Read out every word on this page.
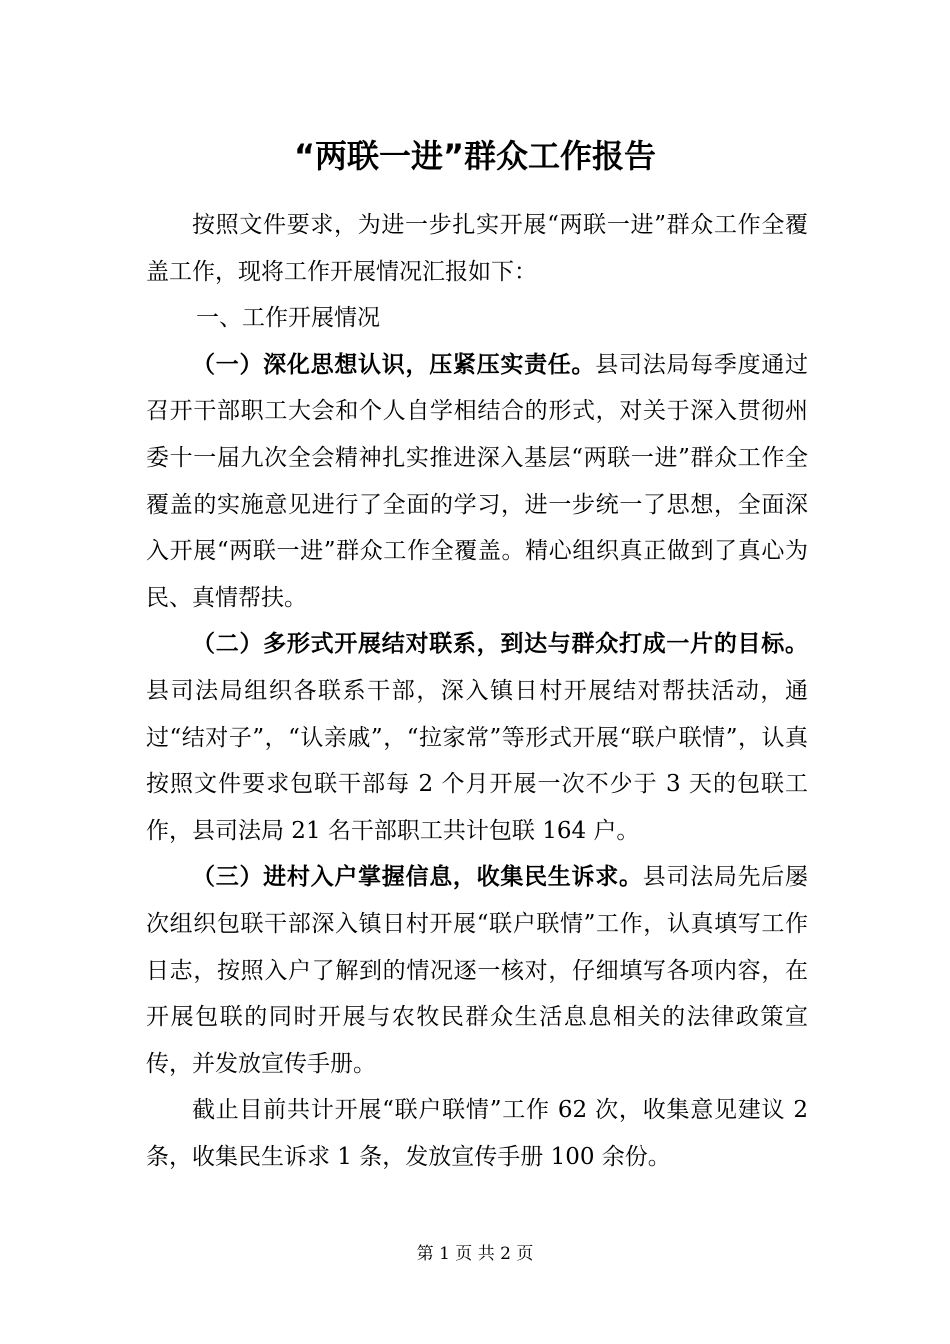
“两联一进”群众工作报告

按照文件要求，为进一步扎实开展“两联一进”群众工作全覆盖工作，现将工作开展情况汇报如下：

一、工作开展情况

（一）深化思想认识，压紧压实责任。县司法局每季度通过召开干部职工大会和个人自学相结合的形式，对关于深入贯彻州委十一届九次全会精神扎实推进深入基层“两联一进”群众工作全覆盖的实施意见进行了全面的学习，进一步统一了思想，全面深入开展“两联一进”群众工作全覆盖。精心组织真正做到了真心为民、真情帮扶。

（二）多形式开展结对联系，到达与群众打成一片的目标。县司法局组织各联系干部，深入镇日村开展结对帮扶活动，通过“结对子”，“认亲戚”，“拉家常”等形式开展“联户联情”，认真按照文件要求包联干部每 2 个月开展一次不少于 3 天的包联工作，县司法局 21 名干部职工共计包联 164 户。

（三）进村入户掌握信息，收集民生诉求。县司法局先后屡次组织包联干部深入镇日村开展“联户联情”工作，认真填写工作日志，按照入户了解到的情况逐一核对，仔细填写各项内容，在开展包联的同时开展与农牧民群众生活息息相关的法律政策宣传，并发放宣传手册。

截止目前共计开展“联户联情”工作 62 次，收集意见建议 2 条，收集民生诉求 1 条，发放宣传手册 100 余份。

第 1 页 共 2 页
